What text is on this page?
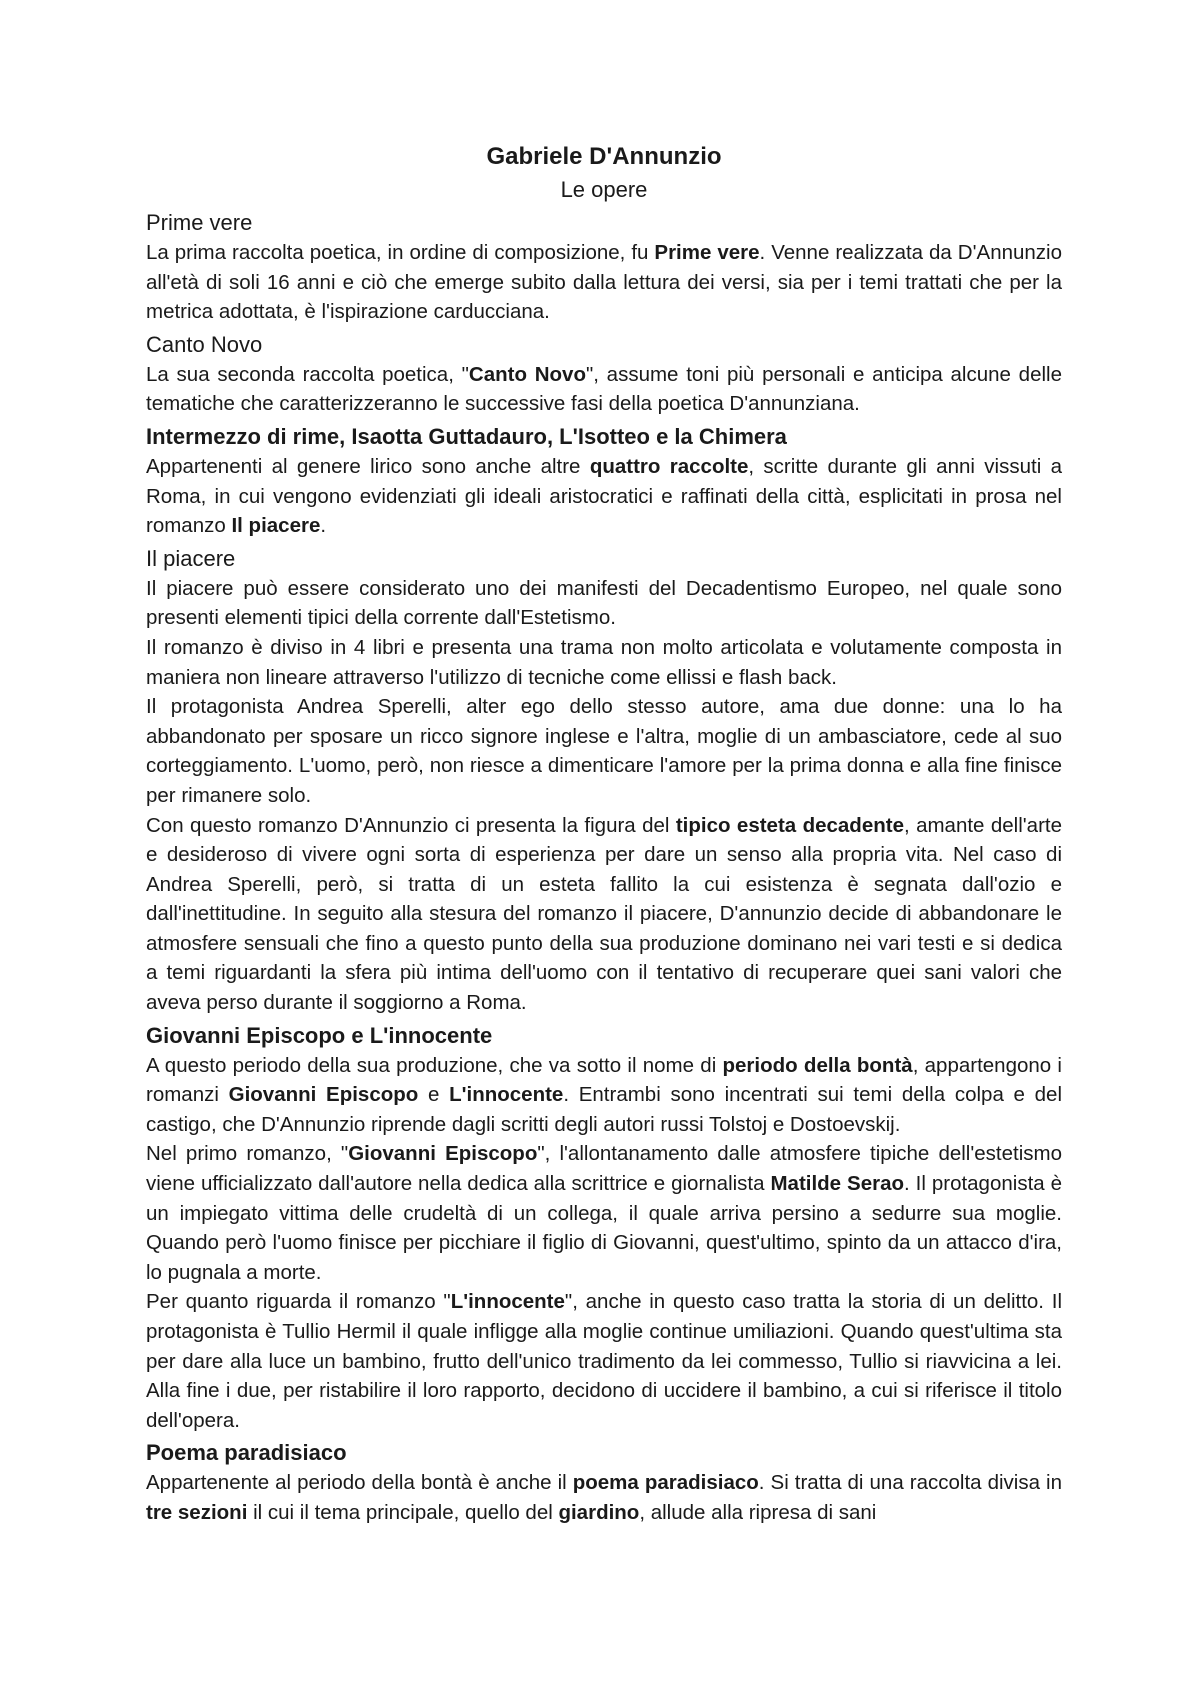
Gabriele D'Annunzio
Le opere
Prime vere

La prima raccolta poetica, in ordine di composizione, fu Prime vere. Venne realizzata da D'Annunzio all'età di soli 16 anni e ciò che emerge subito dalla lettura dei versi, sia per i temi trattati che per la metrica adottata, è l'ispirazione carducciana.

Canto Novo

La sua seconda raccolta poetica, "Canto Novo", assume toni più personali e anticipa alcune delle tematiche che caratterizzeranno le successive fasi della poetica D'annunziana.

Intermezzo di rime, Isaotta Guttadauro, L'Isotteo e la Chimera

Appartenenti al genere lirico sono anche altre quattro raccolte, scritte durante gli anni vissuti a Roma, in cui vengono evidenziati gli ideali aristocratici e raffinati della città, esplicitati in prosa nel romanzo Il piacere.

Il piacere

Il piacere può essere considerato uno dei manifesti del Decadentismo Europeo, nel quale sono presenti elementi tipici della corrente dall'Estetismo.

Il romanzo è diviso in 4 libri e presenta una trama non molto articolata e volutamente composta in maniera non lineare attraverso l'utilizzo di tecniche come ellissi e flash back.

Il protagonista Andrea Sperelli, alter ego dello stesso autore, ama due donne: una lo ha abbandonato per sposare un ricco signore inglese e l'altra, moglie di un ambasciatore, cede al suo corteggiamento. L'uomo, però, non riesce a dimenticare l'amore per la prima donna e alla fine finisce per rimanere solo.

Con questo romanzo D'Annunzio ci presenta la figura del tipico esteta decadente, amante dell'arte e desideroso di vivere ogni sorta di esperienza per dare un senso alla propria vita. Nel caso di Andrea Sperelli, però, si tratta di un esteta fallito la cui esistenza è segnata dall'ozio e dall'inettitudine. In seguito alla stesura del romanzo il piacere, D'annunzio decide di abbandonare le atmosfere sensuali che fino a questo punto della sua produzione dominano nei vari testi e si dedica a temi riguardanti la sfera più intima dell'uomo con il tentativo di recuperare quei sani valori che aveva perso durante il soggiorno a Roma.

Giovanni Episcopo e L'innocente

A questo periodo della sua produzione, che va sotto il nome di periodo della bontà, appartengono i romanzi Giovanni Episcopo e L'innocente. Entrambi sono incentrati sui temi della colpa e del castigo, che D'Annunzio riprende dagli scritti degli autori russi Tolstoj e Dostoevskij.

Nel primo romanzo, "Giovanni Episcopo", l'allontanamento dalle atmosfere tipiche dell'estetismo viene ufficializzato dall'autore nella dedica alla scrittrice e giornalista Matilde Serao. Il protagonista è un impiegato vittima delle crudeltà di un collega, il quale arriva persino a sedurre sua moglie. Quando però l'uomo finisce per picchiare il figlio di Giovanni, quest'ultimo, spinto da un attacco d'ira, lo pugnala a morte.

Per quanto riguarda il romanzo "L'innocente", anche in questo caso tratta la storia di un delitto. Il protagonista è Tullio Hermil il quale infligge alla moglie continue umiliazioni. Quando quest'ultima sta per dare alla luce un bambino, frutto dell'unico tradimento da lei commesso, Tullio si riavvicina a lei. Alla fine i due, per ristabilire il loro rapporto, decidono di uccidere il bambino, a cui si riferisce il titolo dell'opera.

Poema paradisiaco

Appartenente al periodo della bontà è anche il poema paradisiaco. Si tratta di una raccolta divisa in tre sezioni il cui il tema principale, quello del giardino, allude alla ripresa di sani
